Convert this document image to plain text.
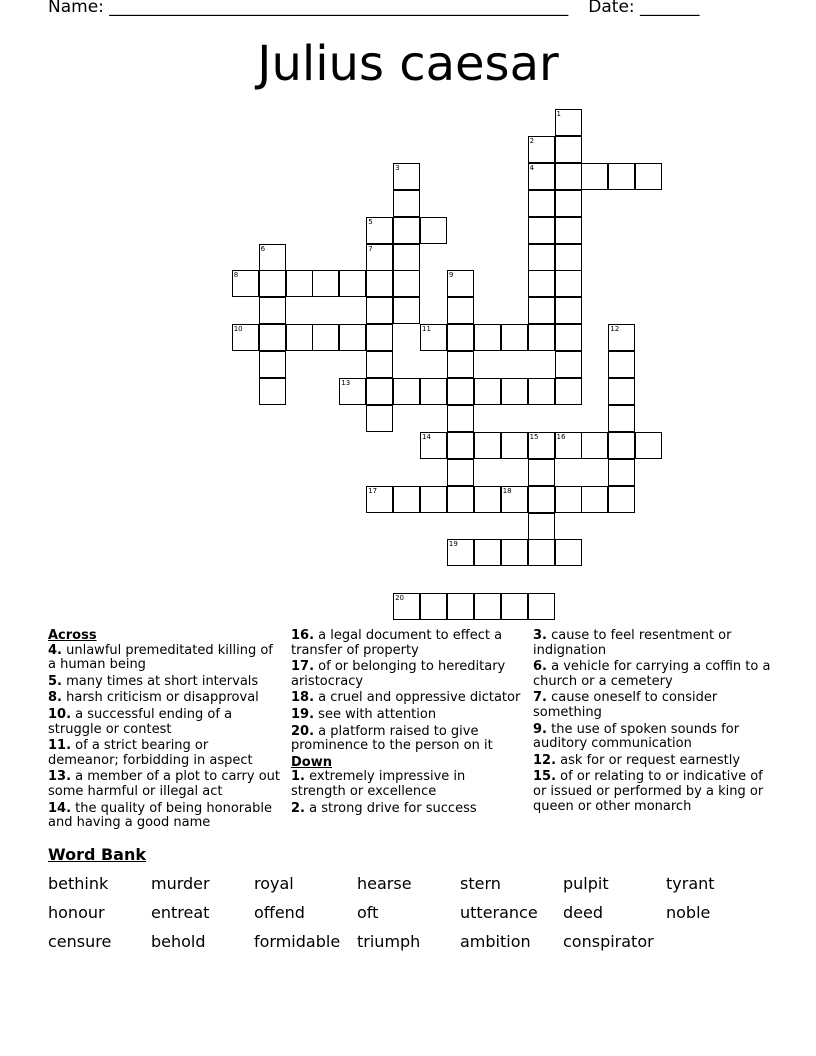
Name: ______________________________________________________ Date: _______
Julius caesar
1
2
3	4
5
6	7
8	9
10	11	12
13
14	15	16
17	18
19
20
Across
4. unlawful premeditated killing of a human being
5. many times at short intervals
8. harsh criticism or disapproval
10. a successful ending of a struggle or contest
11. of a strict bearing or demeanor; forbidding in aspect
13. a member of a plot to carry out some harmful or illegal act
14. the quality of being honorable and having a good name
16. a legal document to effect a transfer of property
17. of or belonging to hereditary aristocracy
18. a cruel and oppressive dictator
19. see with attention
20. a platform raised to give prominence to the person on it
Down
1. extremely impressive in strength or excellence
2. a strong drive for success
3. cause to feel resentment or indignation
6. a vehicle for carrying a coffin to a church or a cemetery
7. cause oneself to consider something
9. the use of spoken sounds for auditory communication
12. ask for or request earnestly
15. of or relating to or indicative of or issued or performed by a king or queen or other monarch
Word Bank
bethink	murder	royal	hearse	stern	pulpit	tyrant
honour	entreat	offend	oft	utterance	deed	noble
censure	behold	formidable	triumph	ambition	conspirator
